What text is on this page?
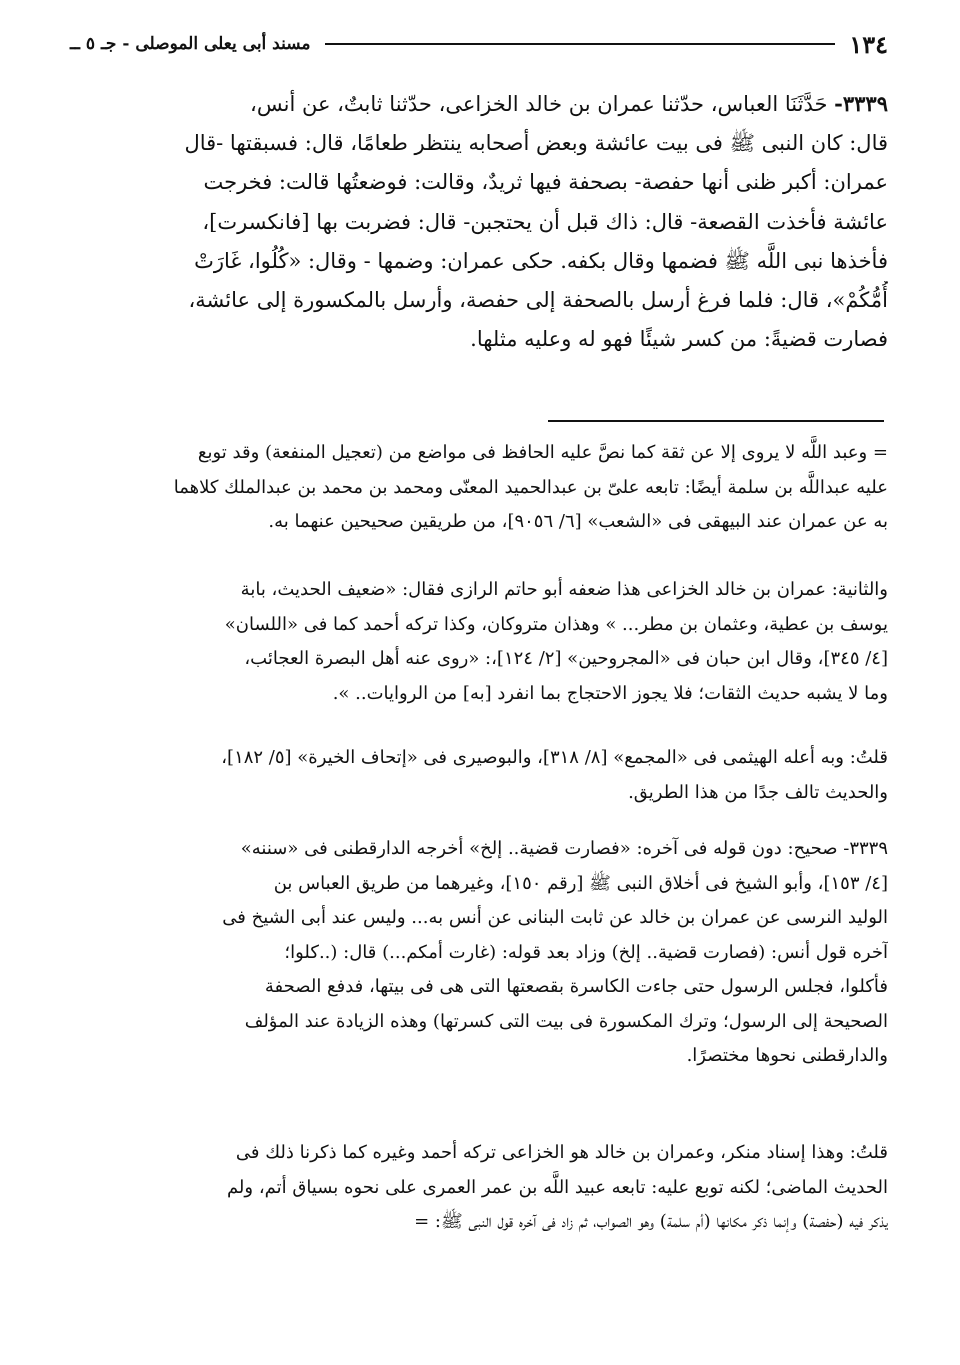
١٣٤
مسند أبى يعلى الموصلى - جـ ٥ ــ
٣٣٣٩- حَدَّثَنَا العباس، حدّثنا عمران بن خالد الخزاعى، حدّثنا ثابتٌ، عن أنس،
قال: كان النبى ﷺ فى بيت عائشة وبعض أصحابه ينتظر طعامًا، قال: فسبقتها -قال
عمران: أكبر ظنى أنها حفصة- بصحفة فيها ثريدٌ، وقالت: فوضعتُها قالت: فخرجت
عائشة فأخذت القصعة- قال: ذاك قبل أن يحتجبن- قال: فضربت بها [فانكسرت]،
فأخذها نبى اللَّه ﷺ فضمها وقال بكفه. حكى عمران: وضمها - وقال: «كُلُوا، غَارَتْ
أُمُّكُمْ»، قال: فلما فرغ أرسل بالصحفة إلى حفصة، وأرسل بالمكسورة إلى عائشة،
فصارت قضيةً: من كسر شيئًا فهو له وعليه مثلها.
= وعبد اللَّه لا يروى إلا عن ثقة كما نصَّ عليه الحافظ فى مواضع من (تعجيل المنفعة) وقد توبع
عليه عبداللَّه بن سلمة أيضًا: تابعه علىّ بن عبدالحميد المعنّى ومحمد بن محمد بن عبدالملك كلاهما
به عن عمران عند البيهقى فى «الشعب» [٦/ ٩٠٥٦]، من طريقين صحيحين عنهما به.
والثانية: عمران بن خالد الخزاعى هذا ضعفه أبو حاتم الرازى فقال: «ضعيف الحديث، بابة
يوسف بن عطية، وعثمان بن مطر... » وهذان متروكان، وكذا تركه أحمد كما فى «اللسان»
[٤/ ٣٤٥]، وقال ابن حبان فى «المجروحين» [٢/ ١٢٤]،: «روى عنه أهل البصرة العجائب،
وما لا يشبه حديث الثقات؛ فلا يجوز الاحتجاج بما انفرد [به] من الروايات.. ».
قلتُ: وبه أعله الهيثمى فى «المجمع» [٨/ ٣١٨]، والبوصيرى فى «إتحاف الخيرة» [٥/ ١٨٢]،
والحديث تالف جدًا من هذا الطريق.
٣٣٣٩- صحيح: دون قوله فى آخره: «فصارت قضية.. إلخ» أخرجه الدارقطنى فى «سننه»
[٤/ ١٥٣]، وأبو الشيخ فى أخلاق النبى ﷺ [رقم ١٥٠]، وغيرهما من طريق العباس بن
الوليد النرسى عن عمران بن خالد عن ثابت البنانى عن أنس به... وليس عند أبى الشيخ فى
آخره قول أنس: (فصارت قضية.. إلخ) وزاد بعد قوله: (غارت أمكم...) قال: (..كلوا؛
فأكلوا، فجلس الرسول حتى جاءت الكاسرة بقصعتها التى هى فى بيتها، فدفع الصحفة
الصحيحة إلى الرسول؛ وترك المكسورة فى بيت التى كسرتها) وهذه الزيادة عند المؤلف
والدارقطنى نحوها مختصرًا.
قلتُ: وهذا إسناد منكر، وعمران بن خالد هو الخزاعى تركه أحمد وغيره كما ذكرنا ذلك فى
الحديث الماضى؛ لكنه توبع عليه: تابعه عبيد اللَّه بن عمر العمرى على نحوه بسياق أتم، ولم
يذكر فيه (حفصة) وإنما ذكر مكانها (أم سلمة) وهو الصواب، ثم زاد فى آخره قول النبى ﷺ: =
